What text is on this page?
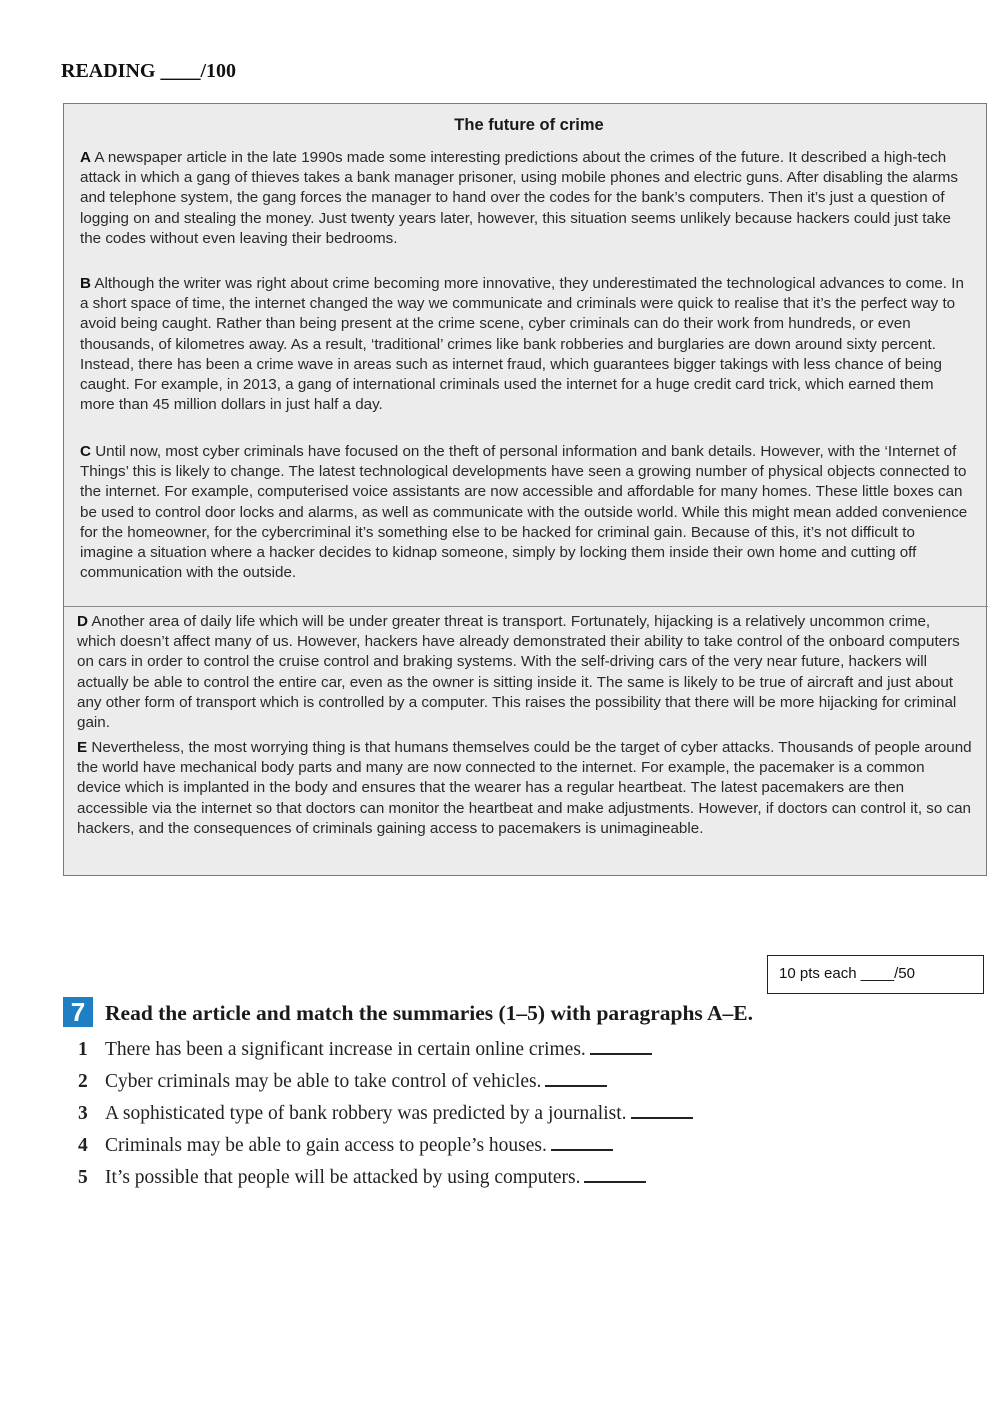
READING ____/100
The future of crime
A A newspaper article in the late 1990s made some interesting predictions about the crimes of the future. It described a high-tech attack in which a gang of thieves takes a bank manager prisoner, using mobile phones and electric guns. After disabling the alarms and telephone system, the gang forces the manager to hand over the codes for the bank’s computers. Then it’s just a question of logging on and stealing the money. Just twenty years later, however, this situation seems unlikely because hackers could just take the codes without even leaving their bedrooms.
B Although the writer was right about crime becoming more innovative, they underestimated the technological advances to come. In a short space of time, the internet changed the way we communicate and criminals were quick to realise that it’s the perfect way to avoid being caught. Rather than being present at the crime scene, cyber criminals can do their work from hundreds, or even thousands, of kilometres away. As a result, ‘traditional’ crimes like bank robberies and burglaries are down around sixty percent. Instead, there has been a crime wave in areas such as internet fraud, which guarantees bigger takings with less chance of being caught. For example, in 2013, a gang of international criminals used the internet for a huge credit card trick, which earned them more than 45 million dollars in just half a day.
C Until now, most cyber criminals have focused on the theft of personal information and bank details. However, with the ‘Internet of Things’ this is likely to change. The latest technological developments have seen a growing number of physical objects connected to the internet. For example, computerised voice assistants are now accessible and affordable for many homes. These little boxes can be used to control door locks and alarms, as well as communicate with the outside world. While this might mean added convenience for the homeowner, for the cybercriminal it’s something else to be hacked for criminal gain. Because of this, it’s not difficult to imagine a situation where a hacker decides to kidnap someone, simply by locking them inside their own home and cutting off communication with the outside.
D Another area of daily life which will be under greater threat is transport. Fortunately, hijacking is a relatively uncommon crime, which doesn’t affect many of us. However, hackers have already demonstrated their ability to take control of the onboard computers on cars in order to control the cruise control and braking systems. With the self-driving cars of the very near future, hackers will actually be able to control the entire car, even as the owner is sitting inside it. The same is likely to be true of aircraft and just about any other form of transport which is controlled by a computer. This raises the possibility that there will be more hijacking for criminal gain.
E Nevertheless, the most worrying thing is that humans themselves could be the target of cyber attacks. Thousands of people around the world have mechanical body parts and many are now connected to the internet. For example, the pacemaker is a common device which is implanted in the body and ensures that the wearer has a regular heartbeat. The latest pacemakers are then accessible via the internet so that doctors can monitor the heartbeat and make adjustments. However, if doctors can control it, so can hackers, and the consequences of criminals gaining access to pacemakers is unimagineable.
10 pts each ____/50
7 Read the article and match the summaries (1–5) with paragraphs A–E.
1 There has been a significant increase in certain online crimes.
2 Cyber criminals may be able to take control of vehicles.
3 A sophisticated type of bank robbery was predicted by a journalist.
4 Criminals may be able to gain access to people’s houses.
5 It’s possible that people will be attacked by using computers.
